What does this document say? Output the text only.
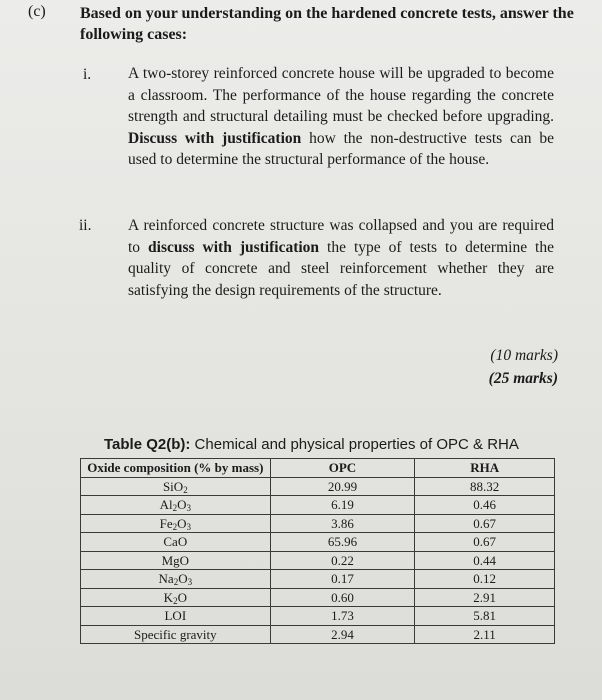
(c) Based on your understanding on the hardened concrete tests, answer the following cases:
i. A two-storey reinforced concrete house will be upgraded to become a classroom. The performance of the house regarding the concrete strength and structural detailing must be checked before upgrading. Discuss with justification how the non-destructive tests can be used to determine the structural performance of the house.
ii. A reinforced concrete structure was collapsed and you are required to discuss with justification the type of tests to determine the quality of concrete and steel reinforcement whether they are satisfying the design requirements of the structure.
(10 marks)
(25 marks)
Table Q2(b): Chemical and physical properties of OPC & RHA
Oxide composition (% by mass)	OPC	RHA
SiO$_2$	20.99	88.32
$Al_2O_3$	6.19	0.46
$Fe_2O_3$	3.86	0.67
CaO	65.96	0.67
MgO	0.22	0.44
$Na_2O_3$	0.17	0.12
$K_2O$	0.60	2.91
LOI	1.73	5.81
Specific gravity	2.94	2.11
